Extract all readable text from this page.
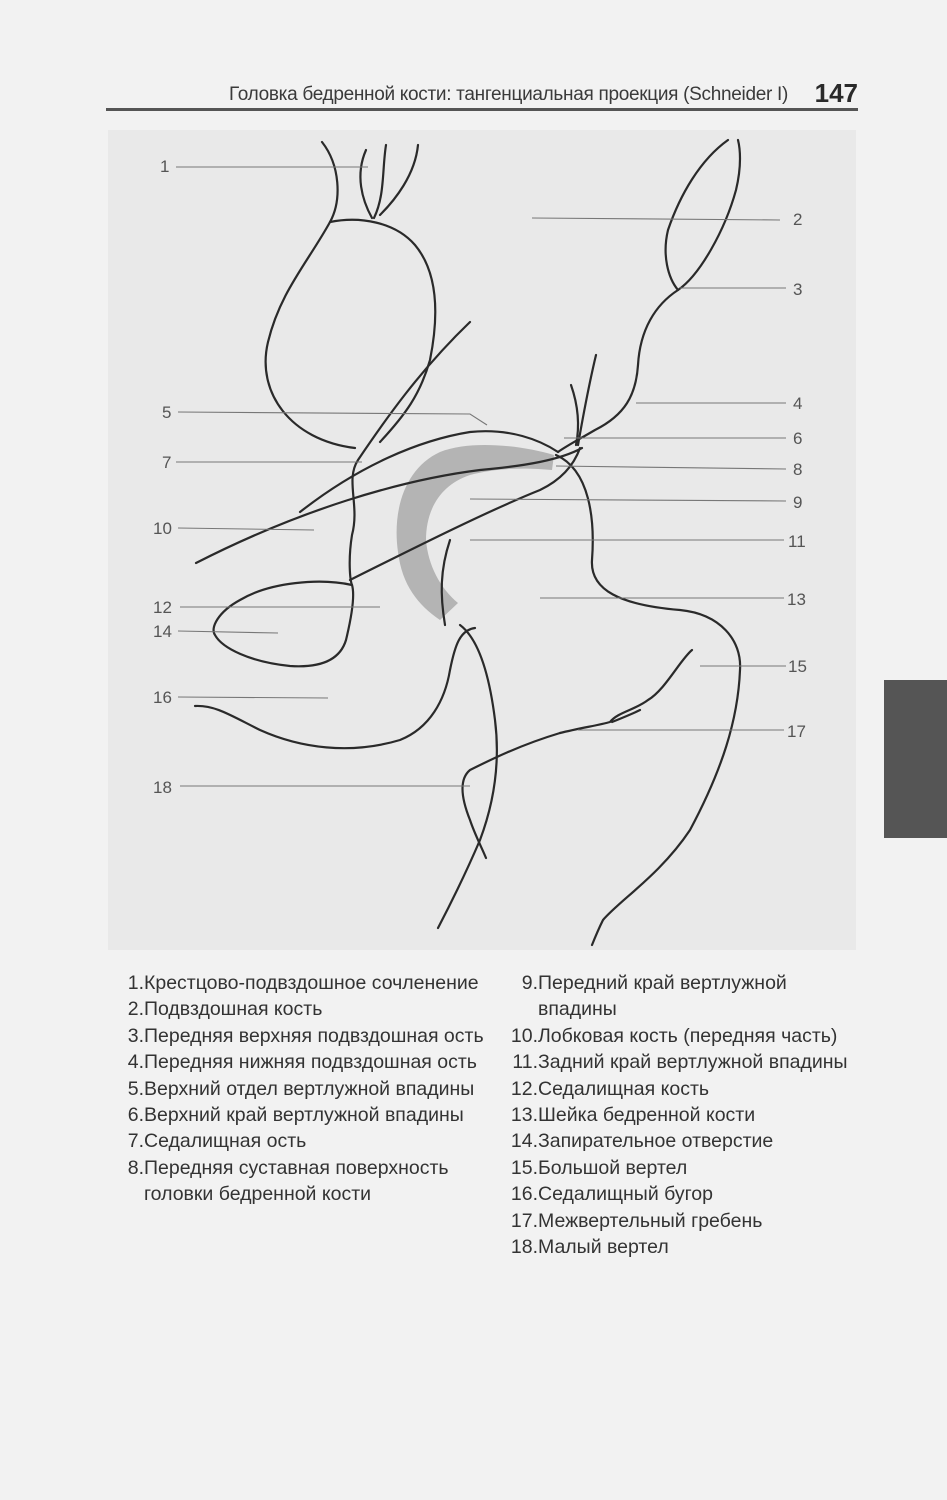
Головка бедренной кости: тангенциальная проекция (Schneider I) 147
1
2
3
4
5
6
7	8
9
10
11
12	13
14
15
16
17
18
1. Крестцово-подвздошное сочленение
2. Подвздошная кость
3. Передняя верхняя подвздошная ость
4. Передняя нижняя подвздошная ость
5. Верхний отдел вертлужной впадины
6. Верхний край вертлужной впадины
7. Седалищная ость
8. Передняя суставная поверхность головки бедренной кости
9. Передний край вертлужной впадины
10. Лобковая кость (передняя часть)
11. Задний край вертлужной впадины
12. Седалищная кость
13. Шейка бедренной кости
14. Запирательное отверстие
15. Большой вертел
16. Седалищный бугор
17. Межвертельный гребень
18. Малый вертел
